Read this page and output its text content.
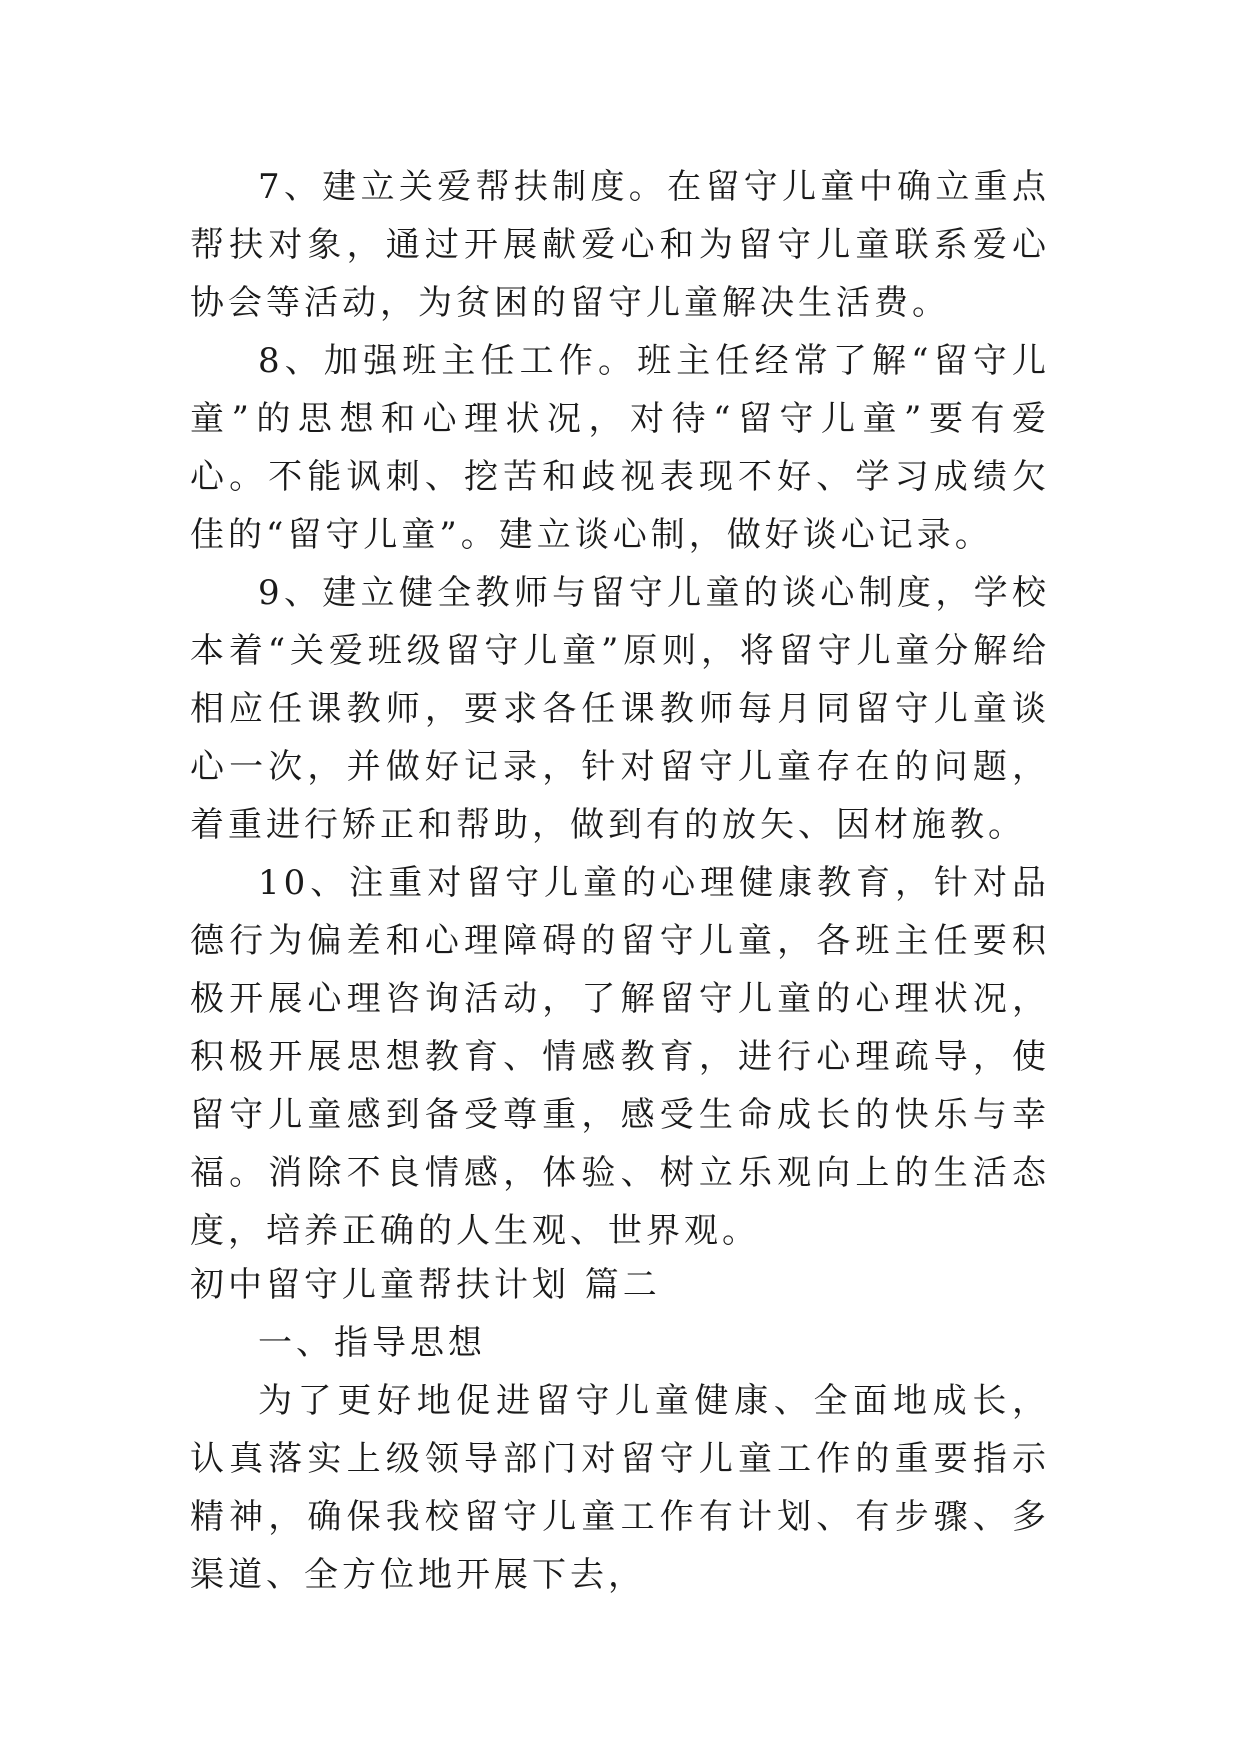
7、建立关爱帮扶制度。在留守儿童中确立重点帮扶对象，通过开展献爱心和为留守儿童联系爱心协会等活动，为贫困的留守儿童解决生活费。

8、加强班主任工作。班主任经常了解“留守儿童”的思想和心理状况，对待“留守儿童”要有爱心。不能讽刺、挖苦和歧视表现不好、学习成绩欠佳的“留守儿童”。建立谈心制，做好谈心记录。

9、建立健全教师与留守儿童的谈心制度，学校本着“关爱班级留守儿童”原则，将留守儿童分解给相应任课教师，要求各任课教师每月同留守儿童谈心一次，并做好记录，针对留守儿童存在的问题，着重进行矫正和帮助，做到有的放矢、因材施教。

10、注重对留守儿童的心理健康教育，针对品德行为偏差和心理障碍的留守儿童，各班主任要积极开展心理咨询活动，了解留守儿童的心理状况，积极开展思想教育、情感教育，进行心理疏导，使留守儿童感到备受尊重，感受生命成长的快乐与幸福。消除不良情感，体验、树立乐观向上的生活态度，培养正确的人生观、世界观。

初中留守儿童帮扶计划 篇二
一、指导思想

为了更好地促进留守儿童健康、全面地成长，认真落实上级领导部门对留守儿童工作的重要指示精神，确保我校留守儿童工作有计划、有步骤、多渠道、全方位地开展下去，
